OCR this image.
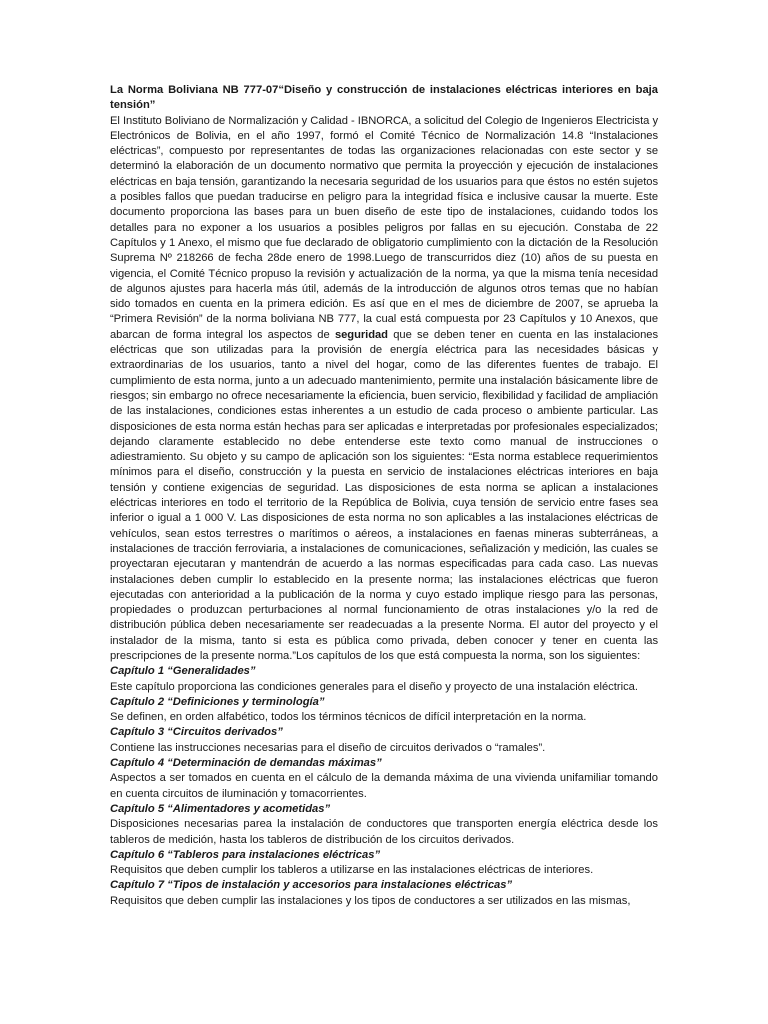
La Norma Boliviana NB 777-07“Diseño y construcción de instalaciones eléctricas interiores en baja tensión”

El Instituto Boliviano de Normalización y Calidad - IBNORCA, a solicitud del Colegio de Ingenieros Electricista y Electrónicos de Bolivia, en el año 1997, formó el Comité Técnico de Normalización 14.8 “Instalaciones eléctricas”, compuesto por representantes de todas las organizaciones relacionadas con este sector y se determinó la elaboración de un documento normativo que permita la proyección y ejecución de instalaciones eléctricas en baja tensión, garantizando la necesaria seguridad de los usuarios para que éstos no estén sujetos a posibles fallos que puedan traducirse en peligro para la integridad física e inclusive causar la muerte. Este documento proporciona las bases para un buen diseño de este tipo de instalaciones, cuidando todos los detalles para no exponer a los usuarios a posibles peligros por fallas en su ejecución. Constaba de 22 Capítulos y 1 Anexo, el mismo que fue declarado de obligatorio cumplimiento con la dictación de la Resolución Suprema Nº 218266 de fecha 28de enero de 1998.Luego de transcurridos diez (10) años de su puesta en vigencia, el Comité Técnico propuso la revisión y actualización de la norma, ya que la misma tenía necesidad de algunos ajustes para hacerla más útil, además de la introducción de algunos otros temas que no habían sido tomados en cuenta en la primera edición. Es así que en el mes de diciembre de 2007, se aprueba la “Primera Revisión” de la norma boliviana NB 777, la cual está compuesta por 23 Capítulos y 10 Anexos, que abarcan de forma integral los aspectos de seguridad que se deben tener en cuenta en las instalaciones eléctricas que son utilizadas para la provisión de energía eléctrica para las necesidades básicas y extraordinarias de los usuarios, tanto a nivel del hogar, como de las diferentes fuentes de trabajo. El cumplimiento de esta norma, junto a un adecuado mantenimiento, permite una instalación básicamente libre de riesgos; sin embargo no ofrece necesariamente la eficiencia, buen servicio, flexibilidad y facilidad de ampliación de las instalaciones, condiciones estas inherentes a un estudio de cada proceso o ambiente particular. Las disposiciones de esta norma están hechas para ser aplicadas e interpretadas por profesionales especializados; dejando claramente establecido no debe entenderse este texto como manual de instrucciones o adiestramiento. Su objeto y su campo de aplicación son los siguientes: “Esta norma establece requerimientos mínimos para el diseño, construcción y la puesta en servicio de instalaciones eléctricas interiores en baja tensión y contiene exigencias de seguridad. Las disposiciones de esta norma se aplican a instalaciones eléctricas interiores en todo el territorio de la República de Bolivia, cuya tensión de servicio entre fases sea inferior o igual a 1 000 V. Las disposiciones de esta norma no son aplicables a las instalaciones eléctricas de vehículos, sean estos terrestres o marítimos o aéreos, a instalaciones en faenas mineras subterráneas, a instalaciones de tracción ferroviaria, a instalaciones de comunicaciones, señalización y medición, las cuales se proyectaran ejecutaran y mantendrán de acuerdo a las normas especificadas para cada caso. Las nuevas instalaciones deben cumplir lo establecido en la presente norma; las instalaciones eléctricas que fueron ejecutadas con anterioridad a la publicación de la norma y cuyo estado implique riesgo para las personas, propiedades o produzcan perturbaciones al normal funcionamiento de otras instalaciones y/o la red de distribución pública deben necesariamente ser readecuadas a la presente Norma. El autor del proyecto y el instalador de la misma, tanto si esta es pública como privada, deben conocer y tener en cuenta las prescripciones de la presente norma.”Los capítulos de los que está compuesta la norma, son los siguientes:

Capítulo 1 “Generalidades”

Este capítulo proporciona las condiciones generales para el diseño y proyecto de una instalación eléctrica.

Capítulo 2 “Definiciones y terminología”

Se definen, en orden alfabético, todos los términos técnicos de difícil interpretación en la norma.

Capítulo 3 “Circuitos derivados”

Contiene las instrucciones necesarias para el diseño de circuitos derivados o “ramales”.

Capítulo 4 “Determinación de demandas máximas”

Aspectos a ser tomados en cuenta en el cálculo de la demanda máxima de una vivienda unifamiliar tomando en cuenta circuitos de iluminación y tomacorrientes.

Capítulo 5 “Alimentadores y acometidas”

Disposiciones necesarias parea la instalación de conductores que transporten energía eléctrica desde los tableros de medición, hasta los tableros de distribución de los circuitos derivados.

Capítulo 6 “Tableros para instalaciones eléctricas”

Requisitos que deben cumplir los tableros a utilizarse en las instalaciones eléctricas de interiores.

Capítulo 7 “Tipos de instalación y accesorios para instalaciones eléctricas”

Requisitos que deben cumplir las instalaciones y los tipos de conductores a ser utilizados en las mismas,
